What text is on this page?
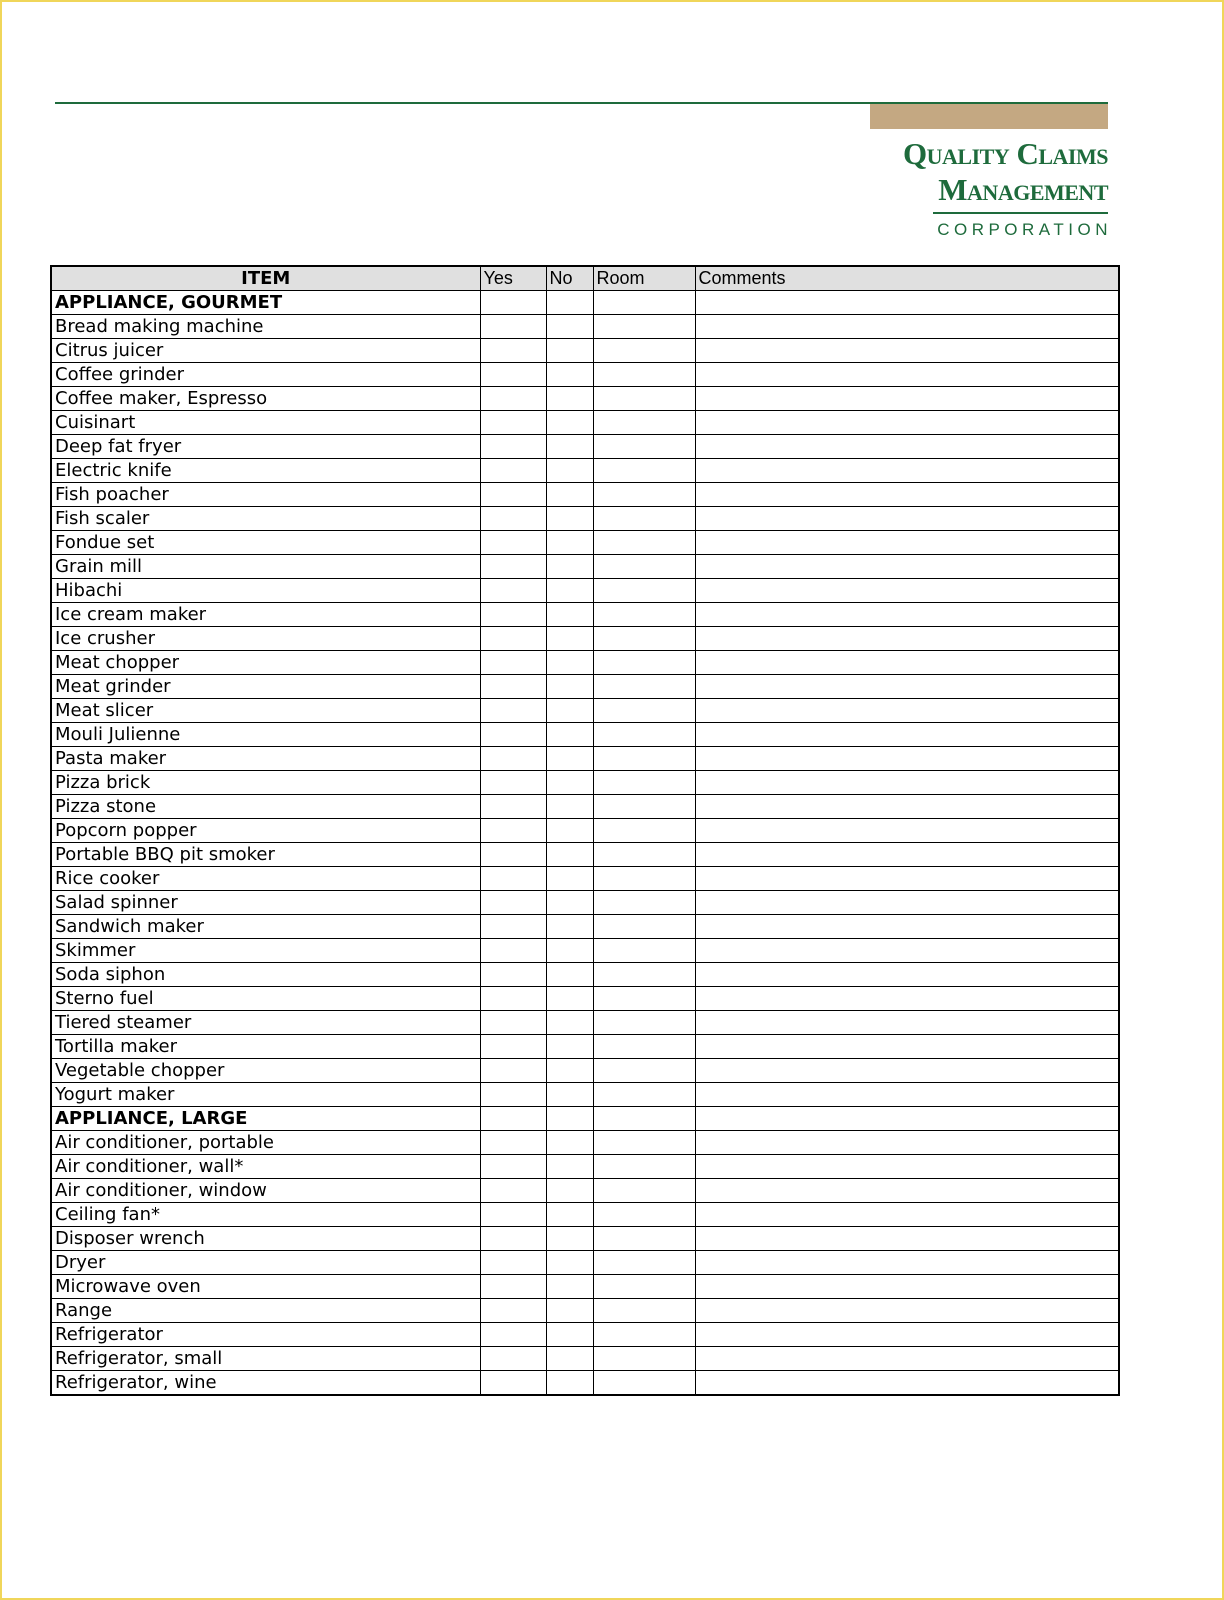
Quality Claims
Management
CORPORATION
ITEM	Yes	No	Room	Comments
APPLIANCE, GOURMET				
Bread making machine				
Citrus juicer				
Coffee grinder				
Coffee maker, Espresso				
Cuisinart				
Deep fat fryer				
Electric knife				
Fish poacher				
Fish scaler				
Fondue set				
Grain mill				
Hibachi				
Ice cream maker				
Ice crusher				
Meat chopper				
Meat grinder				
Meat slicer				
Mouli Julienne				
Pasta maker				
Pizza brick				
Pizza stone				
Popcorn popper				
Portable BBQ pit smoker				
Rice cooker				
Salad spinner				
Sandwich maker				
Skimmer				
Soda siphon				
Sterno fuel				
Tiered steamer				
Tortilla maker				
Vegetable chopper				
Yogurt maker				
APPLIANCE, LARGE				
Air conditioner, portable				
Air conditioner, wall*				
Air conditioner, window				
Ceiling fan*				
Disposer wrench				
Dryer				
Microwave oven				
Range				
Refrigerator				
Refrigerator, small				
Refrigerator, wine				
